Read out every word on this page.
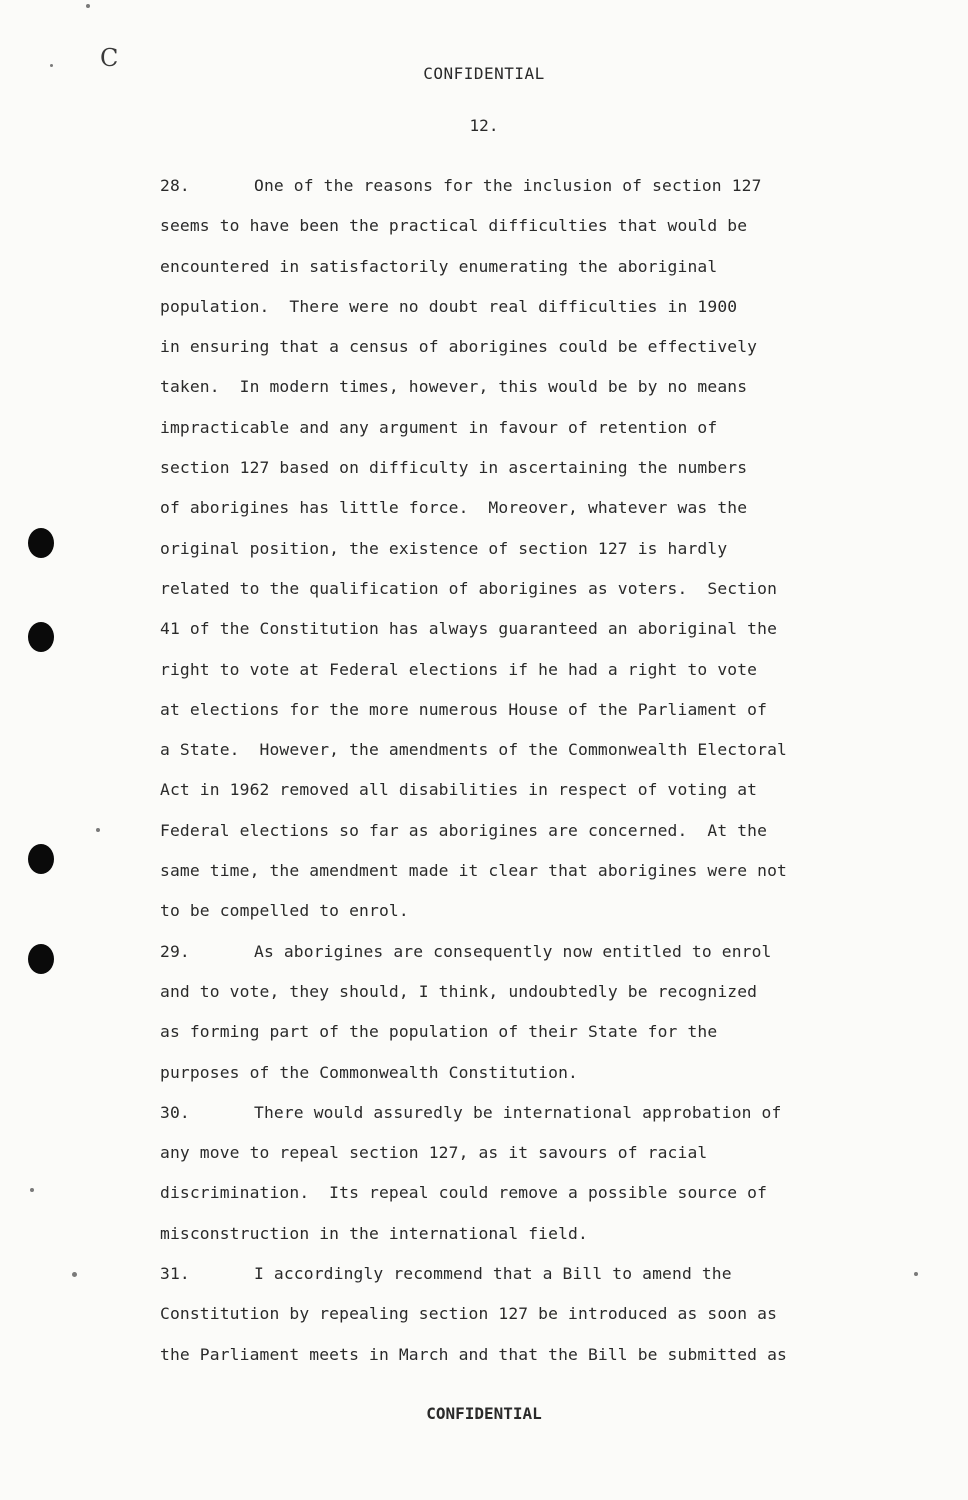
C
CONFIDENTIAL
12.
28.	One of the reasons for the inclusion of section 127
seems to have been the practical difficulties that would be
encountered in satisfactorily enumerating the aboriginal
population.  There were no doubt real difficulties in 1900
in ensuring that a census of aborigines could be effectively
taken.  In modern times, however, this would be by no means
impracticable and any argument in favour of retention of
section 127 based on difficulty in ascertaining the numbers
of aborigines has little force.  Moreover, whatever was the
original position, the existence of section 127 is hardly
related to the qualification of aborigines as voters.  Section
41 of the Constitution has always guaranteed an aboriginal the
right to vote at Federal elections if he had a right to vote
at elections for the more numerous House of the Parliament of
a State.  However, the amendments of the Commonwealth Electoral
Act in 1962 removed all disabilities in respect of voting at
Federal elections so far as aborigines are concerned.  At the
same time, the amendment made it clear that aborigines were not
to be compelled to enrol.
29.	As aborigines are consequently now entitled to enrol
and to vote, they should, I think, undoubtedly be recognized
as forming part of the population of their State for the
purposes of the Commonwealth Constitution.
30.	There would assuredly be international approbation of
any move to repeal section 127, as it savours of racial
discrimination.  Its repeal could remove a possible source of
misconstruction in the international field.
31.	I accordingly recommend that a Bill to amend the
Constitution by repealing section 127 be introduced as soon as
the Parliament meets in March and that the Bill be submitted as
CONFIDENTIAL
